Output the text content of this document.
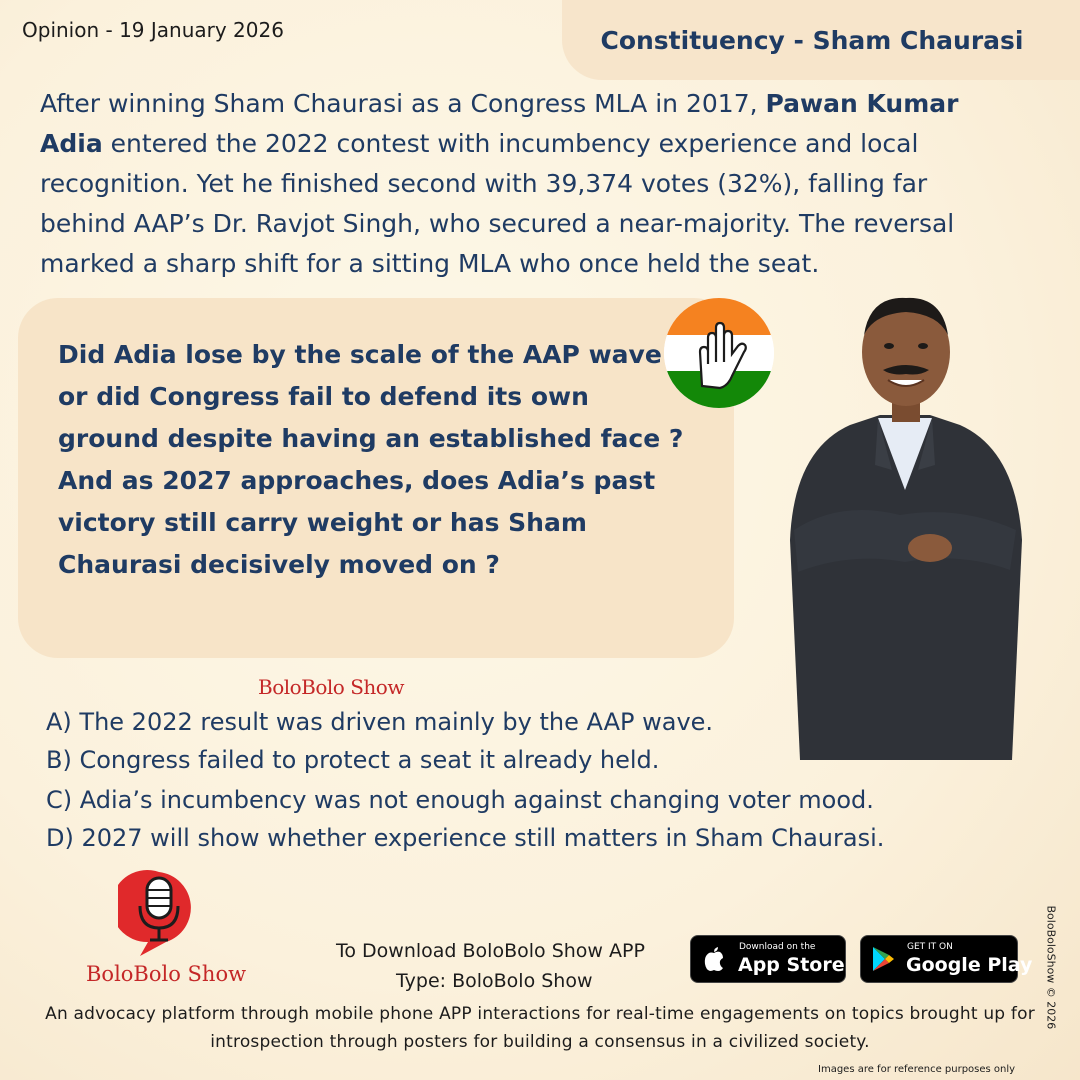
Opinion - 19 January 2026	Constituency - Sham Chaurasi
After winning Sham Chaurasi as a Congress MLA in 2017, Pawan Kumar Adia entered the 2022 contest with incumbency experience and local recognition. Yet he finished second with 39,374 votes (32%), falling far behind AAP’s Dr. Ravjot Singh, who secured a near-majority. The reversal marked a sharp shift for a sitting MLA who once held the seat.
Did Adia lose by the scale of the AAP wave or did Congress fail to defend its own ground despite having an established face ?
And as 2027 approaches, does Adia’s past victory still carry weight or has Sham Chaurasi decisively moved on ?
BoloBolo Show
A) The 2022 result was driven mainly by the AAP wave.
B) Congress failed to protect a seat it already held.
C) Adia’s incumbency was not enough against changing voter mood.
D) 2027 will show whether experience still matters in Sham Chaurasi.
BoloBolo Show
To Download BoloBolo Show APP
Type: BoloBolo Show
Download on the
App Store
GET IT ON
Google Play
An advocacy platform through mobile phone APP interactions for real-time engagements on topics brought up for introspection through posters for building a consensus in a civilized society.
BoloBoloShow © 2026
Images are for reference purposes only
